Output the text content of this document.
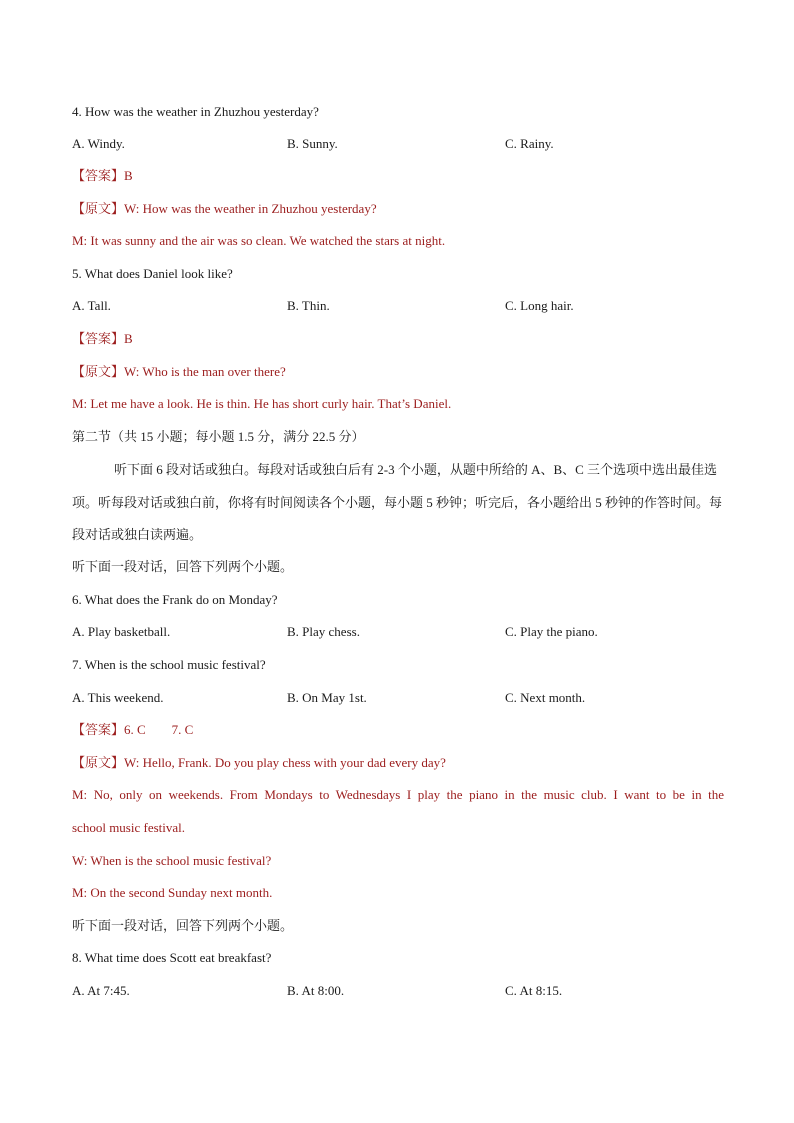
4. How was the weather in Zhuzhou yesterday?
A. Windy.	B. Sunny.	C. Rainy.
【答案】B
【原文】W: How was the weather in Zhuzhou yesterday?
M: It was sunny and the air was so clean. We watched the stars at night.
5. What does Daniel look like?
A. Tall.	B. Thin.	C. Long hair.
【答案】B
【原文】W: Who is the man over there?
M: Let me have a look. He is thin. He has short curly hair. That’s Daniel.
第二节（共 15 小题；每小题 1.5 分，满分 22.5 分）
听下面 6 段对话或独白。每段对话或独白后有 2-3 个小题，从题中所给的 A、B、C 三个选项中选出最佳选项。听每段对话或独白前，你将有时间阅读各个小题，每小题 5 秒钟；听完后，各小题给出 5 秒钟的作答时间。每段对话或独白读两遍。
听下面一段对话，回答下列两个小题。
6. What does the Frank do on Monday?
A. Play basketball.	B. Play chess.	C. Play the piano.
7. When is the school music festival?
A. This weekend.	B. On May 1st.	C. Next month.
【答案】6. C        7. C
【原文】W: Hello, Frank. Do you play chess with your dad every day?
M:  No,  only  on  weekends.  From  Mondays  to  Wednesdays  I  play  the  piano  in  the  music  club.  I  want  to  be  in  the school music festival.
W: When is the school music festival?
M: On the second Sunday next month.
听下面一段对话，回答下列两个小题。
8. What time does Scott eat breakfast?
A. At 7:45.	B. At 8:00.	C. At 8:15.
